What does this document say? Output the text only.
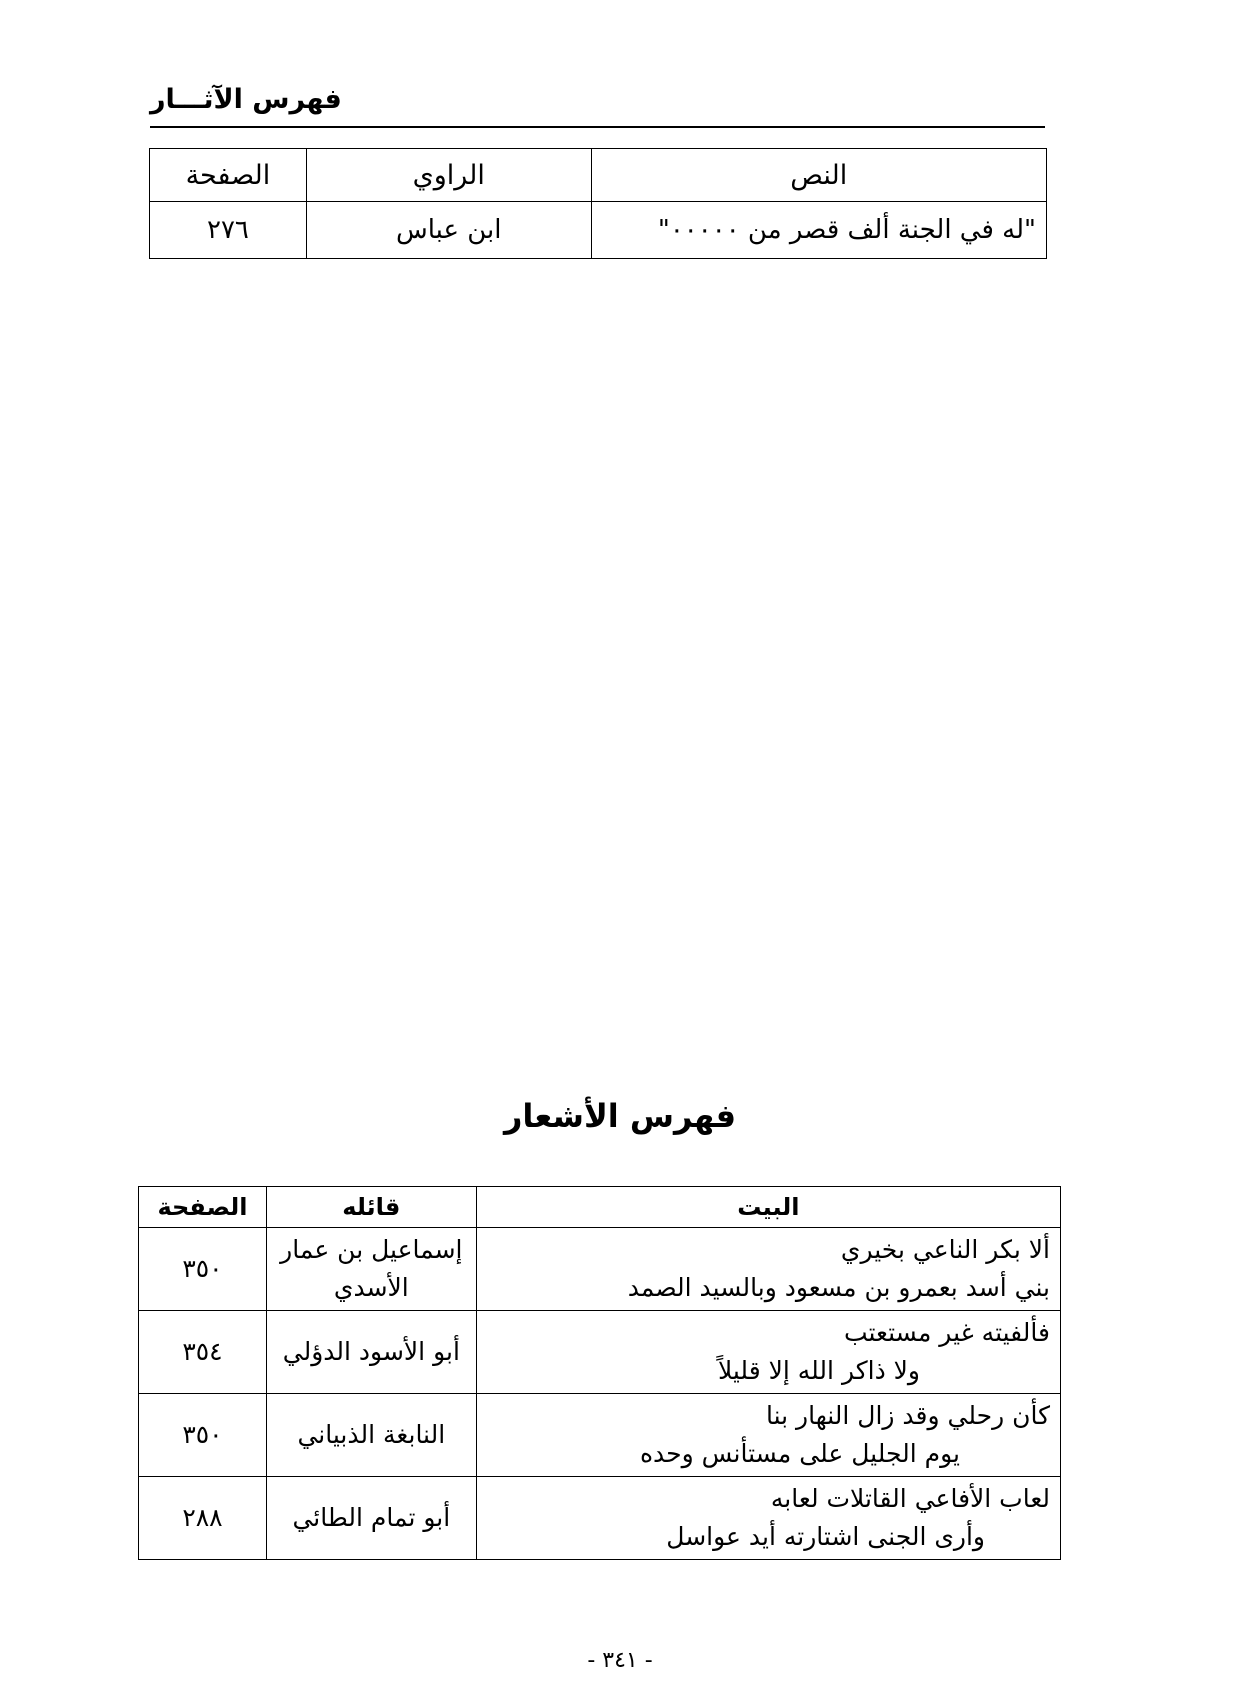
فهرس الآثـــار
النص	الراوي	الصفحة
"له في الجنة ألف قصر من ٠٠٠٠٠"	ابن عباس	٢٧٦
فهرس الأشعار
البيت	قائله	الصفحة

ألا بكر الناعي بخيري
بني أسد بعمرو بن مسعود وبالسيد الصمد	إسماعيل بن عمار الأسدي	٣٥٠

فألفيته غير مستعتب
ولا ذاكر الله إلا قليلاً	أبو الأسود الدؤلي	٣٥٤

كأن رحلي وقد زال النهار بنا
يوم الجليل على مستأنس وحده	النابغة الذبياني	٣٥٠

لعاب الأفاعي القاتلات لعابه
وأرى الجنى اشتارته أيد عواسل	أبو تمام الطائي	٢٨٨
- ٣٤١ -
